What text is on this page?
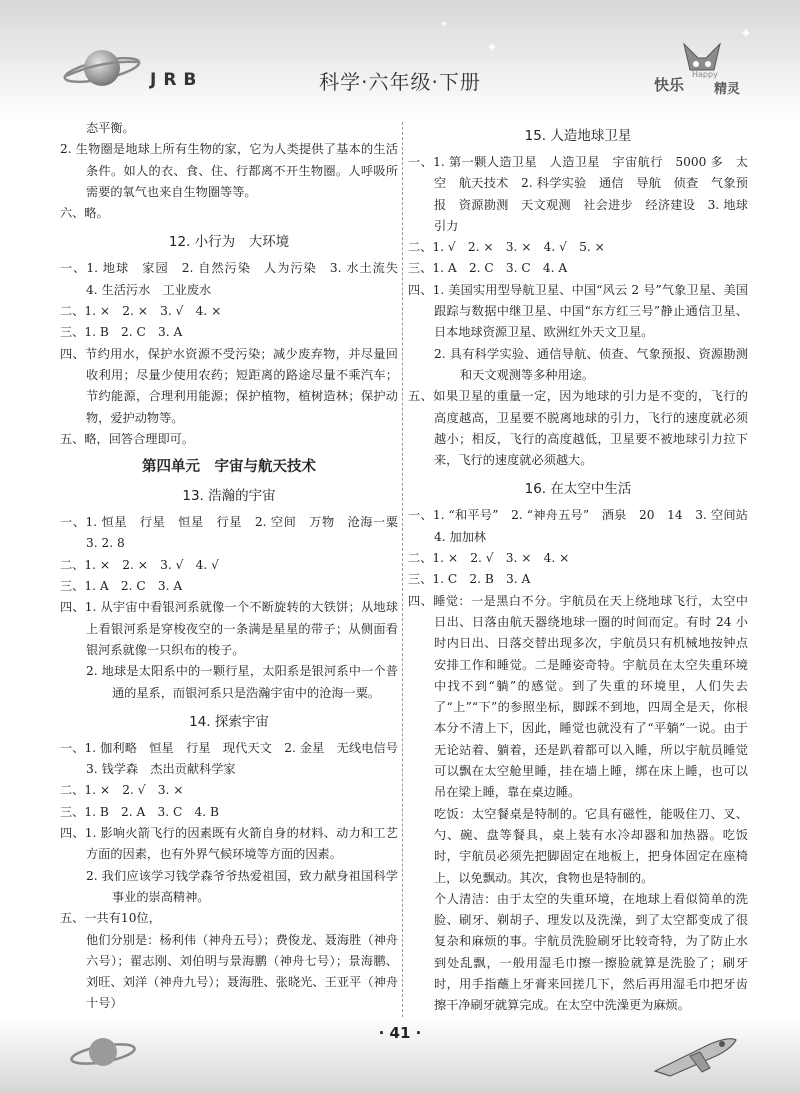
JRB	科学·六年级·下册	快乐
Happy
精灵
✦
✦
✦
态平衡。
2. 生物圈是地球上所有生物的家，它为人类提供了基本的生活条件。如人的衣、食、住、行都离不开生物圈。人呼吸所需要的氧气也来自生物圈等等。
六、略。
12. 小行为　大环境
一、1. 地球　家园　2. 自然污染　人为污染　3. 水土流失　4. 生活污水　工业废水
二、1. ×　2. ×　3. √　4. ×
三、1. B　2. C　3. A
四、节约用水，保护水资源不受污染；减少废弃物，并尽量回收利用；尽量少使用农药；短距离的路途尽量不乘汽车；节约能源，合理利用能源；保护植物，植树造林；保护动物，爱护动物等。
五、略，回答合理即可。
第四单元　宇宙与航天技术
13. 浩瀚的宇宙
一、1. 恒星　行星　恒星　行星　2. 空间　万物　沧海一粟　3. 2. 8
二、1. ×　2. ×　3. √　4. √
三、1. A　2. C　3. A
四、1. 从宇宙中看银河系就像一个不断旋转的大铁饼；从地球上看银河系是穿梭夜空的一条满是星星的带子；从侧面看银河系就像一只织布的梭子。
2. 地球是太阳系中的一颗行星，太阳系是银河系中一个普通的星系，而银河系只是浩瀚宇宙中的沧海一粟。
14. 探索宇宙
一、1. 伽利略　恒星　行星　现代天文　2. 金星　无线电信号　3. 钱学森　杰出贡献科学家
二、1. ×　2. √　3. ×
三、1. B　2. A　3. C　4. B
四、1. 影响火箭飞行的因素既有火箭自身的材料、动力和工艺方面的因素，也有外界气候环境等方面的因素。
2. 我们应该学习钱学森爷爷热爱祖国，致力献身祖国科学事业的崇高精神。
五、一共有10位，
他们分别是：杨利伟（神舟五号）；费俊龙、聂海胜（神舟六号）；翟志刚、刘伯明与景海鹏（神舟七号）；景海鹏、刘旺、刘洋（神舟九号）；聂海胜、张晓光、王亚平（神舟十号）
15. 人造地球卫星
一、1. 第一颗人造卫星　人造卫星　宇宙航行　5000 多　太空　航天技术　2. 科学实验　通信　导航　侦查　气象预报　资源勘测　天文观测　社会进步　经济建设　3. 地球引力
二、1. √　2. ×　3. ×　4. √　5. ×
三、1. A　2. C　3. C　4. A
四、1. 美国实用型导航卫星、中国“风云 2 号”气象卫星、美国跟踪与数据中继卫星、中国“东方红三号”静止通信卫星、日本地球资源卫星、欧洲红外天文卫星。
2. 具有科学实验、通信导航、侦查、气象预报、资源勘测和天文观测等多种用途。
五、如果卫星的重量一定，因为地球的引力是不变的，飞行的高度越高，卫星要不脱离地球的引力，飞行的速度就必须越小；相反，飞行的高度越低，卫星要不被地球引力拉下来，飞行的速度就必须越大。
16. 在太空中生活
一、1. “和平号”　2. “神舟五号”　酒泉　20　14　3. 空间站　4. 加加林
二、1. ×　2. √　3. ×　4. ×
三、1. C　2. B　3. A
四、睡觉：一是黑白不分。宇航员在天上绕地球飞行，太空中日出、日落由航天器绕地球一圈的时间而定。有时 24 小时内日出、日落交替出现多次，宇航员只有机械地按钟点安排工作和睡觉。二是睡姿奇特。宇航员在太空失重环境中找不到“躺”的感觉。到了失重的环境里，人们失去了“上”“下”的参照坐标，脚踩不到地，四周全是天，你根本分不清上下，因此，睡觉也就没有了“平躺”一说。由于无论站着、躺着，还是趴着都可以入睡，所以宇航员睡觉可以飘在太空舱里睡，挂在墙上睡，绑在床上睡，也可以吊在梁上睡，靠在桌边睡。
吃饭：太空餐桌是特制的。它具有磁性，能吸住刀、叉、勺、碗、盘等餐具，桌上装有水冷却器和加热器。吃饭时，宇航员必须先把脚固定在地板上，把身体固定在座椅上，以免飘动。其次，食物也是特制的。
个人清洁：由于太空的失重环境，在地球上看似简单的洗脸、刷牙、剃胡子、理发以及洗澡，到了太空都变成了很复杂和麻烦的事。宇航员洗脸刷牙比较奇特，为了防止水到处乱飘，一般用湿毛巾擦一擦脸就算是洗脸了；刷牙时，用手指蘸上牙膏来回搓几下，然后再用湿毛巾把牙齿擦干净刷牙就算完成。在太空中洗澡更为麻烦。
· 41 ·
